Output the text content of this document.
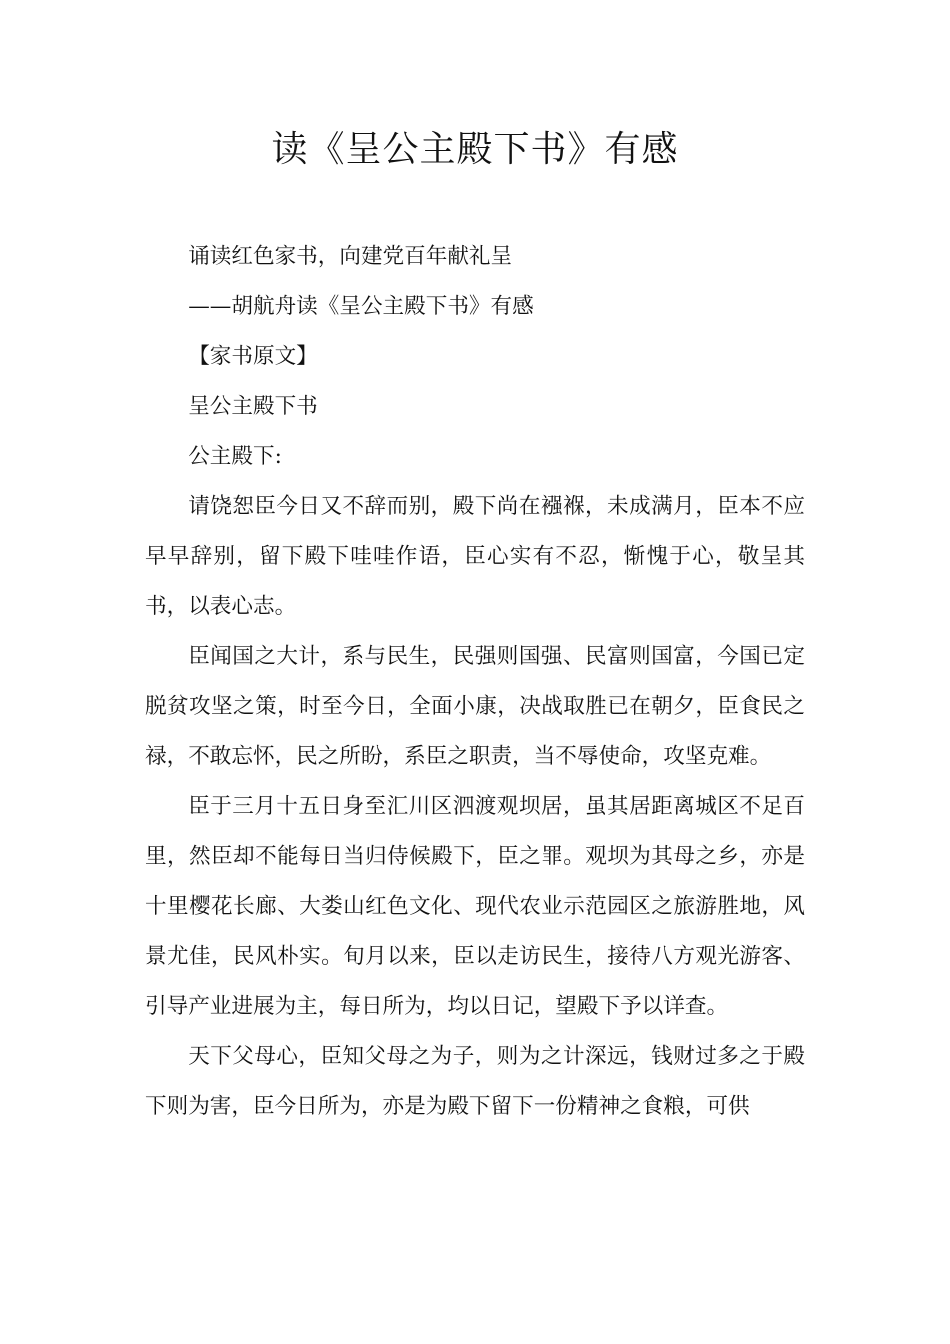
读《呈公主殿下书》有感

诵读红色家书，向建党百年献礼呈

——胡航舟读《呈公主殿下书》有感

【家书原文】

呈公主殿下书

公主殿下:

请饶恕臣今日又不辞而别，殿下尚在襁褓，未成满月，臣本不应早早辞别，留下殿下哇哇作语，臣心实有不忍，惭愧于心，敬呈其书，以表心志。

臣闻国之大计，系与民生，民强则国强、民富则国富，今国已定脱贫攻坚之策，时至今日，全面小康，决战取胜已在朝夕，臣食民之禄，不敢忘怀，民之所盼，系臣之职责，当不辱使命，攻坚克难。

臣于三月十五日身至汇川区泗渡观坝居，虽其居距离城区不足百里，然臣却不能每日当归侍候殿下，臣之罪。观坝为其母之乡，亦是十里樱花长廊、大娄山红色文化、现代农业示范园区之旅游胜地，风景尤佳，民风朴实。旬月以来，臣以走访民生，接待八方观光游客、引导产业进展为主，每日所为，均以日记，望殿下予以详查。

天下父母心，臣知父母之为子，则为之计深远，钱财过多之于殿下则为害，臣今日所为，亦是为殿下留下一份精神之食粮，可供
